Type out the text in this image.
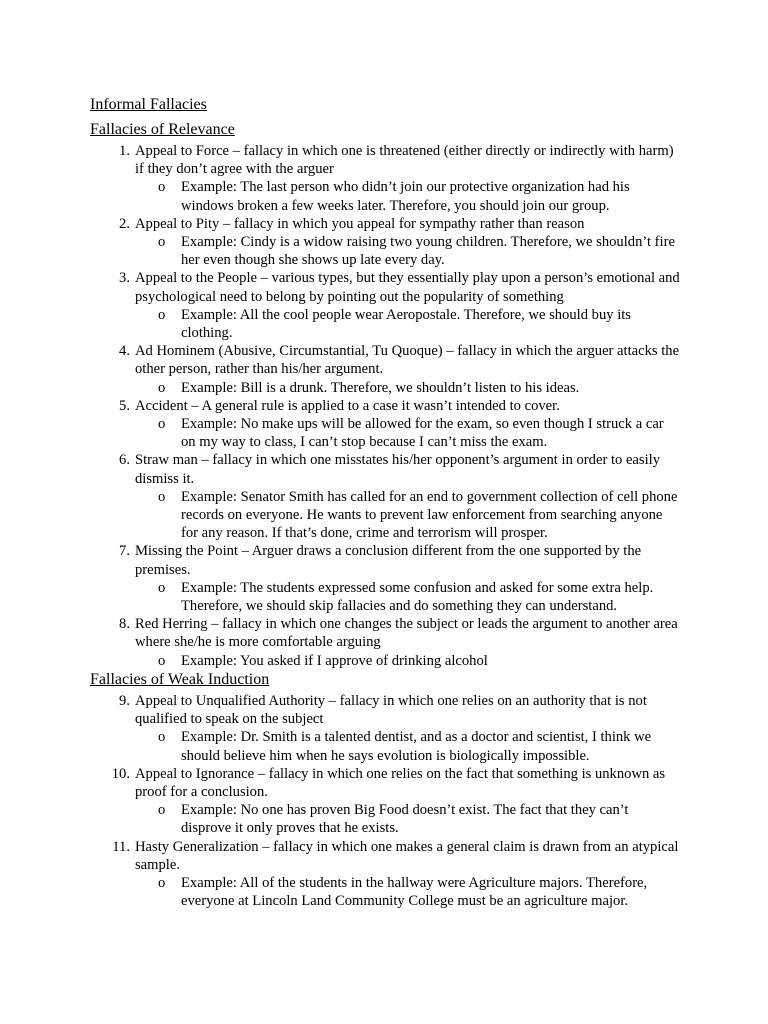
Informal Fallacies
Fallacies of Relevance
1. Appeal to Force – fallacy in which one is threatened (either directly or indirectly with harm) if they don’t agree with the arguer
o Example: The last person who didn’t join our protective organization had his windows broken a few weeks later. Therefore, you should join our group.
2. Appeal to Pity – fallacy in which you appeal for sympathy rather than reason
o Example: Cindy is a widow raising two young children. Therefore, we shouldn’t fire her even though she shows up late every day.
3. Appeal to the People – various types, but they essentially play upon a person’s emotional and psychological need to belong by pointing out the popularity of something
o Example: All the cool people wear Aeropostale. Therefore, we should buy its clothing.
4. Ad Hominem (Abusive, Circumstantial, Tu Quoque) – fallacy in which the arguer attacks the other person, rather than his/her argument.
o Example: Bill is a drunk. Therefore, we shouldn’t listen to his ideas.
5. Accident – A general rule is applied to a case it wasn’t intended to cover.
o Example: No make ups will be allowed for the exam, so even though I struck a car on my way to class, I can’t stop because I can’t miss the exam.
6. Straw man – fallacy in which one misstates his/her opponent’s argument in order to easily dismiss it.
o Example: Senator Smith has called for an end to government collection of cell phone records on everyone. He wants to prevent law enforcement from searching anyone for any reason. If that’s done, crime and terrorism will prosper.
7. Missing the Point – Arguer draws a conclusion different from the one supported by the premises.
o Example: The students expressed some confusion and asked for some extra help. Therefore, we should skip fallacies and do something they can understand.
8. Red Herring – fallacy in which one changes the subject or leads the argument to another area where she/he is more comfortable arguing
o Example: You asked if I approve of drinking alcohol
Fallacies of Weak Induction
9. Appeal to Unqualified Authority – fallacy in which one relies on an authority that is not qualified to speak on the subject
o Example: Dr. Smith is a talented dentist, and as a doctor and scientist, I think we should believe him when he says evolution is biologically impossible.
10. Appeal to Ignorance – fallacy in which one relies on the fact that something is unknown as proof for a conclusion.
o Example: No one has proven Big Food doesn’t exist. The fact that they can’t disprove it only proves that he exists.
11. Hasty Generalization – fallacy in which one makes a general claim is drawn from an atypical sample.
o Example: All of the students in the hallway were Agriculture majors. Therefore, everyone at Lincoln Land Community College must be an agriculture major.
